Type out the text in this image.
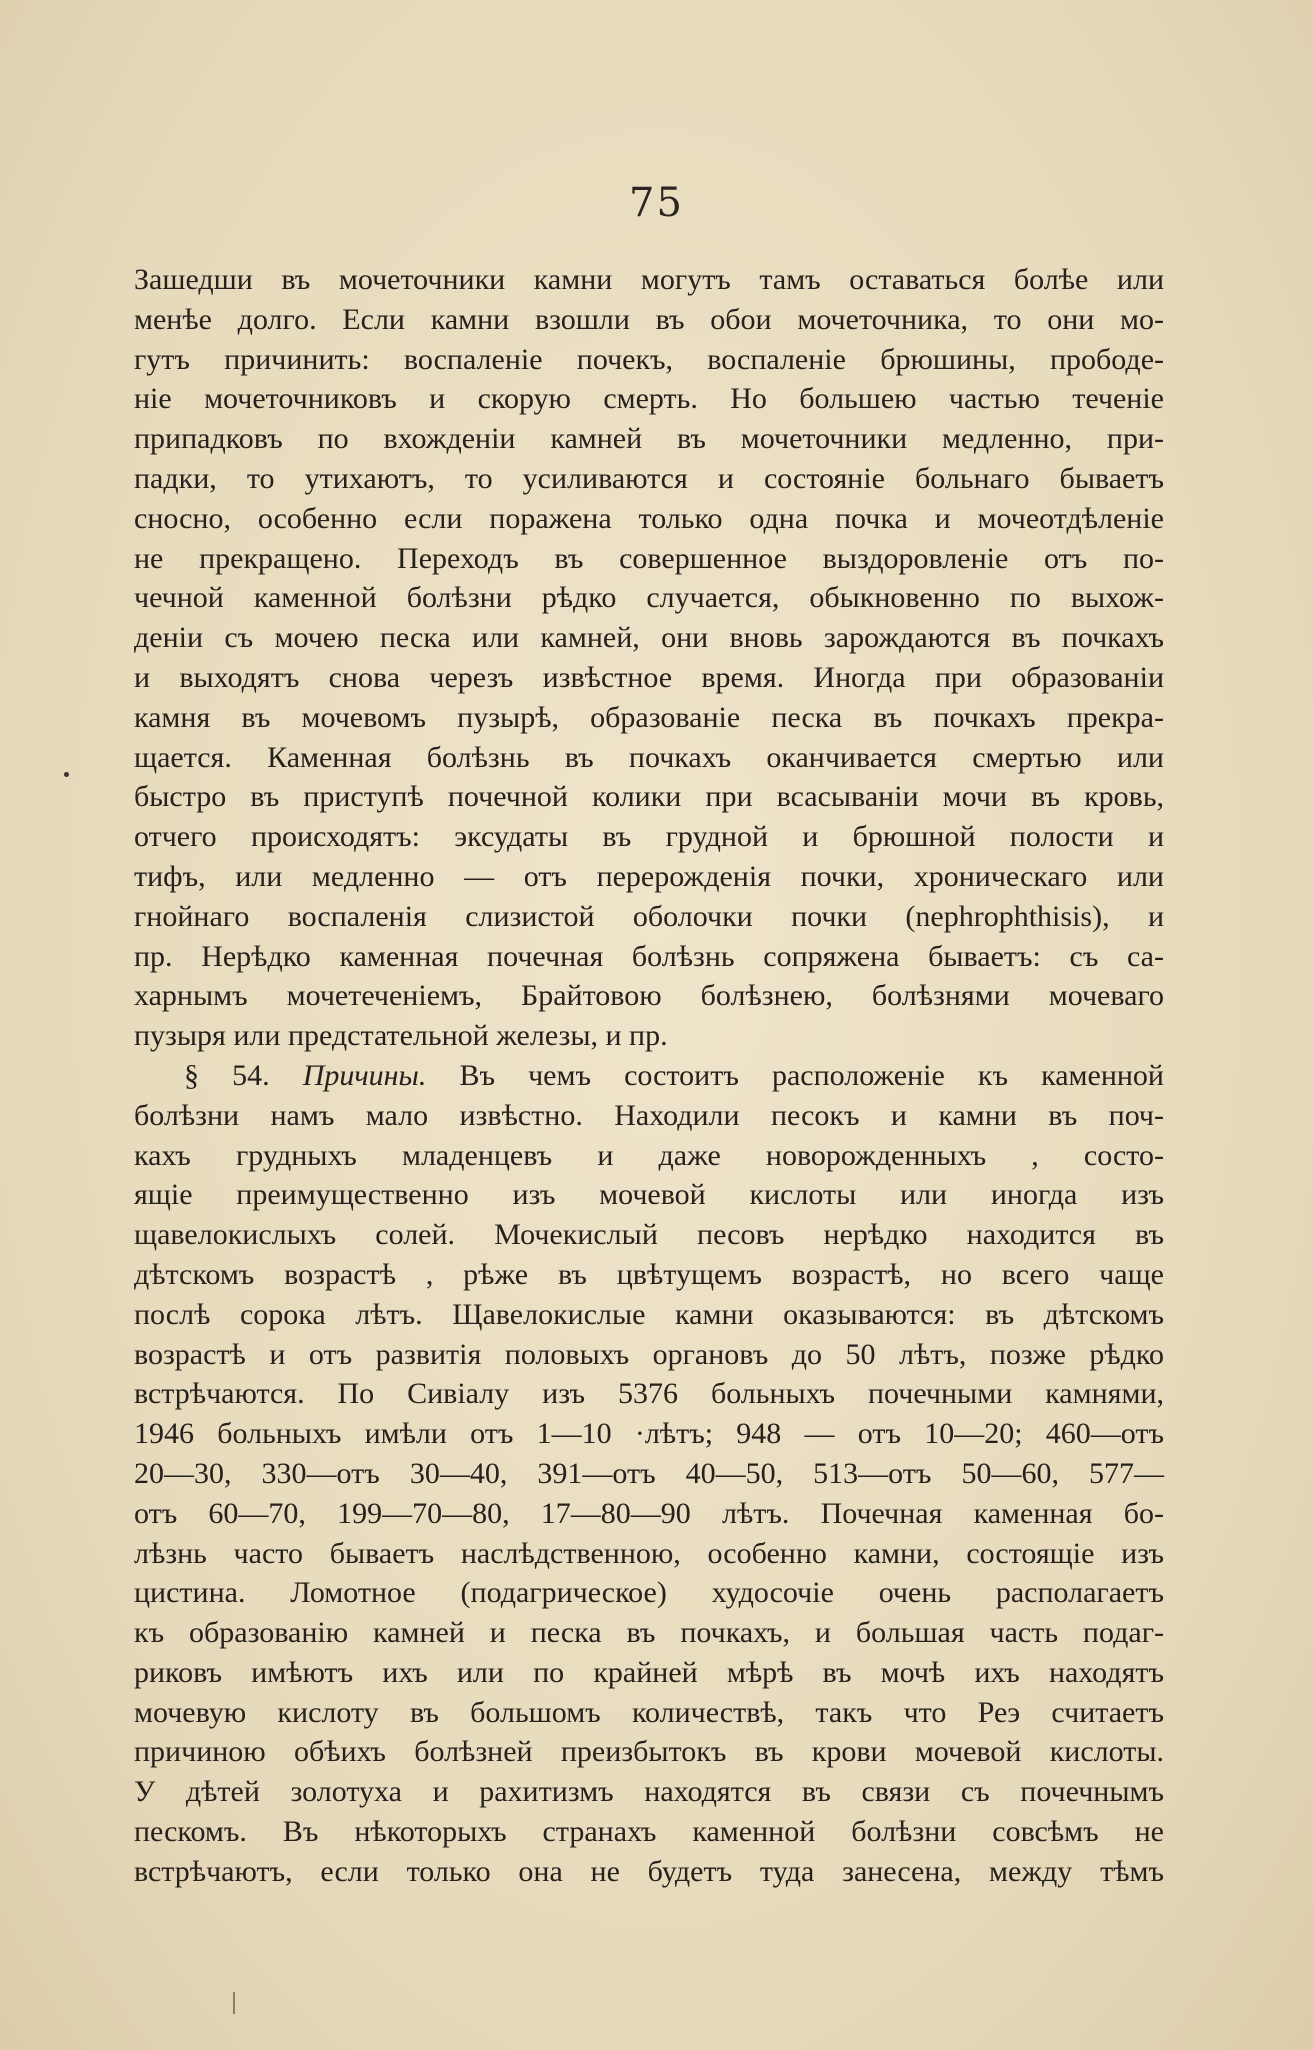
75
Зашедши въ мочеточники камни могутъ тамъ оставаться болѣе или
менѣе долго. Если камни взошли въ обои мочеточника, то они мо-
гутъ причинить: воспаленіе почекъ, воспаленіе брюшины, прободе-
ніе мочеточниковъ и скорую смерть. Но большею частью теченіе
припадковъ по вхожденіи камней въ мочеточники медленно, при-
падки, то утихаютъ, то усиливаются и состояніе больнаго бываетъ
сносно, особенно если поражена только одна почка и мочеотдѣленіе
не прекращено. Переходъ въ совершенное выздоровленіе отъ по-
чечной каменной болѣзни рѣдко случается, обыкновенно по выхож-
деніи съ мочею песка или камней, они вновь зарождаются въ почкахъ
и выходятъ снова черезъ извѣстное время. Иногда при образованіи
камня въ мочевомъ пузырѣ, образованіе песка въ почкахъ прекра-
щается. Каменная болѣзнь въ почкахъ оканчивается смертью или
быстро въ приступѣ почечной колики при всасываніи мочи въ кровь,
отчего происходятъ: эксудаты въ грудной и брюшной полости и
тифъ, или медленно — отъ перерожденія почки, хроническаго или
гнойнаго воспаленія слизистой оболочки почки (nephrophthisis), и
пр. Нерѣдко каменная почечная болѣзнь сопряжена бываетъ: съ са-
харнымъ мочетеченіемъ, Брайтовою болѣзнею, болѣзнями мочеваго
пузыря или предстательной железы, и пр.
§ 54. Причины. Въ чемъ состоитъ расположеніе къ каменной
болѣзни намъ мало извѣстно. Находили песокъ и камни въ поч-
кахъ грудныхъ младенцевъ и даже новорожденныхъ , состо-
ящіе преимущественно изъ мочевой кислоты или иногда изъ
щавелокислыхъ солей. Мочекислый песовъ нерѣдко находится въ
дѣтскомъ возрастѣ , рѣже въ цвѣтущемъ возрастѣ, но всего чаще
послѣ сорока лѣтъ. Щавелокислые камни оказываются: въ дѣтскомъ
возрастѣ и отъ развитія половыхъ органовъ до 50 лѣтъ, позже рѣдко
встрѣчаются. По Сивіалу изъ 5376 больныхъ почечными камнями,
1946 больныхъ имѣли отъ 1—10 ·лѣтъ; 948 — отъ 10—20; 460—отъ
20—30, 330—отъ 30—40, 391—отъ 40—50, 513—отъ 50—60, 577—
отъ 60—70, 199—70—80, 17—80—90 лѣтъ. Почечная каменная бо-
лѣзнь часто бываетъ наслѣдственною, особенно камни, состоящіе изъ
цистина. Ломотное (подагрическое) худосочіе очень располагаетъ
къ образованію камней и песка въ почкахъ, и большая часть подаг-
риковъ имѣютъ ихъ или по крайней мѣрѣ въ мочѣ ихъ находятъ
мочевую кислоту въ большомъ количествѣ, такъ что Реэ считаетъ
причиною обѣихъ болѣзней преизбытокъ въ крови мочевой кислоты.
У дѣтей золотуха и рахитизмъ находятся въ связи съ почечнымъ
пескомъ. Въ нѣкоторыхъ странахъ каменной болѣзни совсѣмъ не
встрѣчаютъ, если только она не будетъ туда занесена, между тѣмъ
